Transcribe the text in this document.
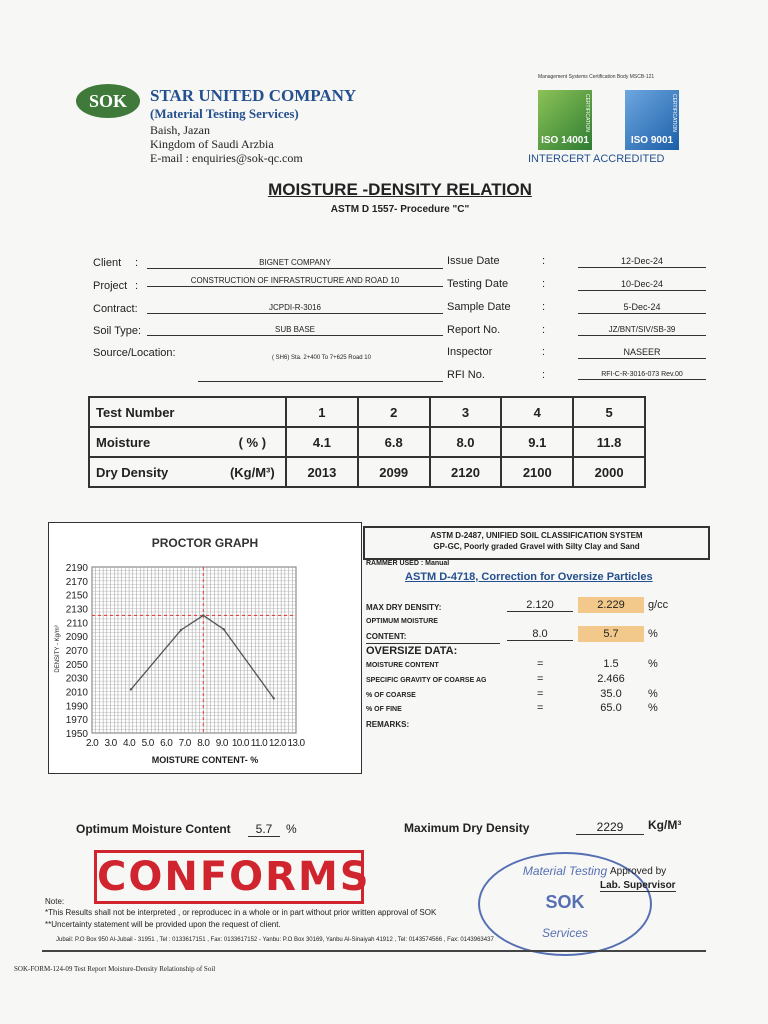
SOK	STAR UNITED COMPANY
(Material Testing Services)
Baish, Jazan
Kingdom of Saudi Arzbia
E-mail : enquiries@sok-qc.com
Management Systems Certification Body MSCB-121
CERTIFICATION
ISO 14001
CERTIFICATION
ISO 9001
INTERCERT ACCREDITED
MOISTURE -DENSITY RELATION
ASTM D 1557- Procedure "C"
Client :	BIGNET COMPANY
Project :	CONSTRUCTION OF INFRASTRUCTURE AND ROAD 10
Contract:	JCPDI-R-3016
Soil Type:	SUB BASE
Source/Location:	( SH6) Sta. 2+400 To 7+625 Road 10
Issue Date	:	12-Dec-24
Testing Date	:	10-Dec-24
Sample Date	:	5-Dec-24
Report No.	:	JZ/BNT/SIV/SB-39
Inspector	:	NASEER
RFI No.	:	RFI-C-R-3016-073 Rev.00
Test Number		1	2	3	4	5
Moisture	( % )	4.1	6.8	8.0	9.1	11.8
Dry Density	(Kg/M³)	2013	2099	2120	2100	2000
PROCTOR GRAPH
1950
1970
1990
2010
2030
2050
2070
2090
2110
2130
2150
2170
2190
2.0 3.0 4.0 5.0 6.0 7.0 8.0 9.0 10.0 11.0 12.0 13.0
MOISTURE CONTENT- %
DENSITY - Kg/m³
ASTM D-2487, UNIFIED SOIL CLASSIFICATION SYSTEM
GP-GC, Poorly graded Gravel with Silty Clay and Sand
RAMMER USED : Manual
ASTM D-4718, Correction for Oversize Particles
MAX DRY DENSITY:	2.120	2.229	g/cc
OPTIMUM MOISTURE
CONTENT:	8.0	5.7	%
OVERSIZE DATA:
MOISTURE CONTENT	=	1.5	%
SPECIFIC GRAVITY OF COARSE AG	=	2.466
% OF COARSE	=	35.0	%
% OF FINE	=	65.0	%
REMARKS:
Optimum Moisture Content	5.7	%	Maximum Dry Density	2229	Kg/M³
CONFORMS	Material Testing
SOK
Services
Approved by
Lab. Supervisor
Note:
*This Results shall not be interpreted , or reproducec in a whole or in part without prior written approval of SOK
**Uncertainty statement will be provided upon the request of client.
Jubail: P.O Box 950 Al-Jubail - 31951 , Tel : 0133617151 , Fax: 0133617152 - Yanbu: P.O Box 30169, Yanbu Al-Sinaiyah 41912 , Tel: 0143574566 , Fax: 0143963437
SOK-FORM-124-09 Test Report Moisture-Density Relationship of Soil
